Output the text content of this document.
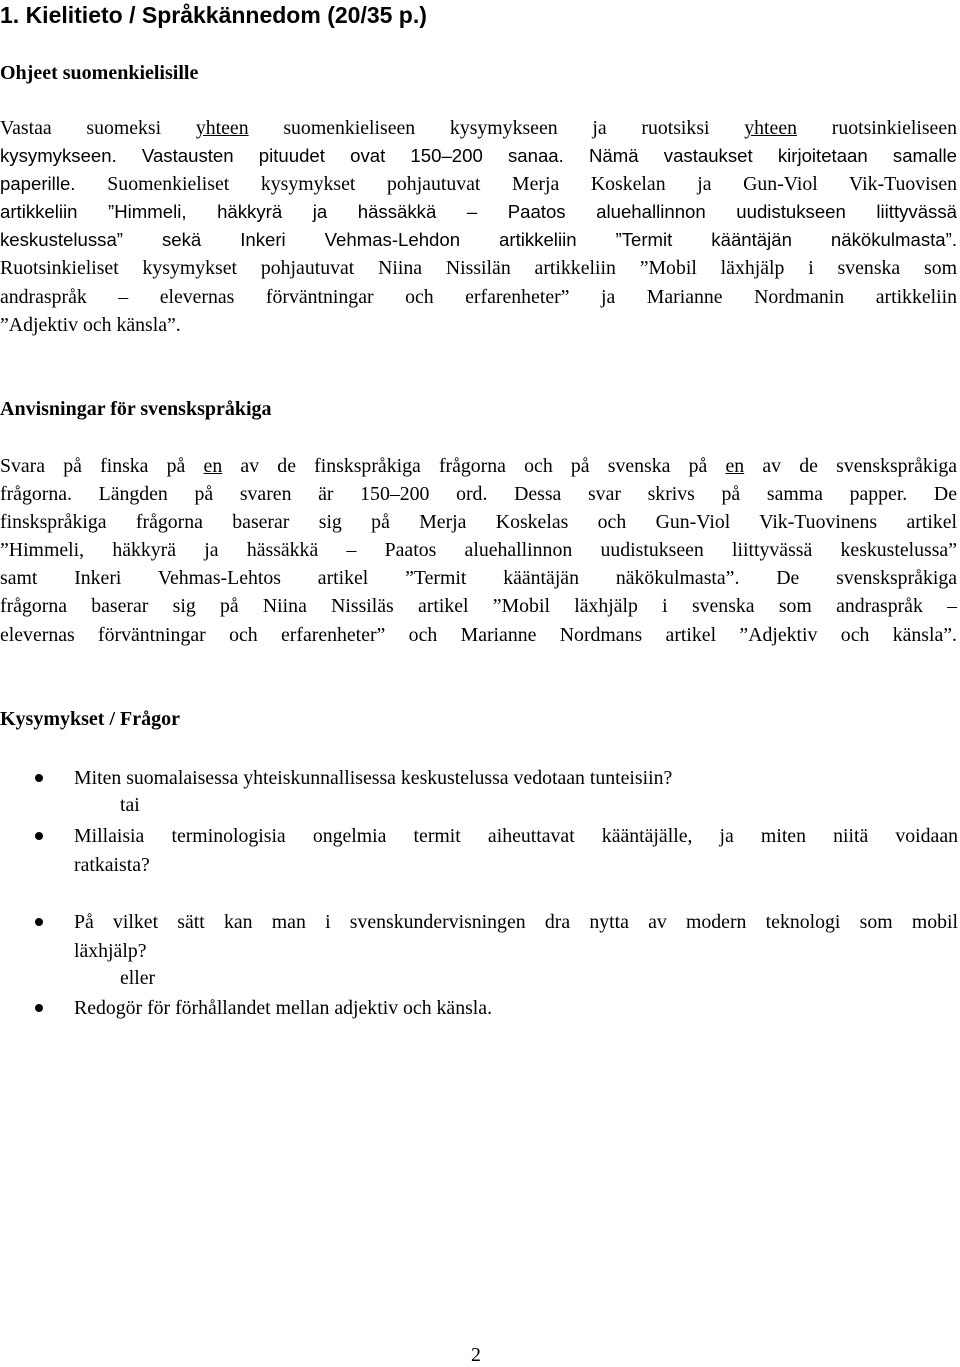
1. Kielitieto / Språkkännedom (20/35 p.)
Ohjeet suomenkielisille
Vastaa suomeksi yhteen suomenkieliseen kysymykseen ja ruotsiksi yhteen ruotsinkieliseen
kysymykseen. Vastausten pituudet ovat 150–200 sanaa. Nämä vastaukset kirjoitetaan samalle
paperille. Suomenkieliset kysymykset pohjautuvat Merja Koskelan ja Gun-Viol Vik-Tuovisen
artikkeliin ”Himmeli, häkkyrä ja hässäkkä – Paatos aluehallinnon uudistukseen liittyvässä
keskustelussa” sekä Inkeri Vehmas-Lehdon artikkeliin ”Termit kääntäjän näkökulmasta”.
Ruotsinkieliset kysymykset pohjautuvat Niina Nissilän artikkeliin ”Mobil läxhjälp i svenska som
andraspråk – elevernas förväntningar och erfarenheter” ja Marianne Nordmanin artikkeliin
”Adjektiv och känsla”.
Anvisningar för svenskspråkiga
Svara på finska på en av de finskspråkiga frågorna och på svenska på en av de svenskspråkiga
frågorna. Längden på svaren är 150–200 ord. Dessa svar skrivs på samma papper. De
finskspråkiga frågorna baserar sig på Merja Koskelas och Gun-Viol Vik-Tuovinens artikel
”Himmeli, häkkyrä ja hässäkkä – Paatos aluehallinnon uudistukseen liittyvässä keskustelussa”
samt Inkeri Vehmas-Lehtos artikel ”Termit kääntäjän näkökulmasta”. De svenskspråkiga
frågorna baserar sig på Niina Nissiläs artikel ”Mobil läxhjälp i svenska som andraspråk –
elevernas förväntningar och erfarenheter” och Marianne Nordmans artikel ”Adjektiv och känsla”.
Kysymykset / Frågor
Miten suomalaisessa yhteiskunnallisessa keskustelussa vedotaan tunteisiin?
tai
Millaisia terminologisia ongelmia termit aiheuttavat kääntäjälle, ja miten niitä voidaan
ratkaista?
På vilket sätt kan man i svenskundervisningen dra nytta av modern teknologi som mobil
läxhjälp?
eller
Redogör för förhållandet mellan adjektiv och känsla.
2
